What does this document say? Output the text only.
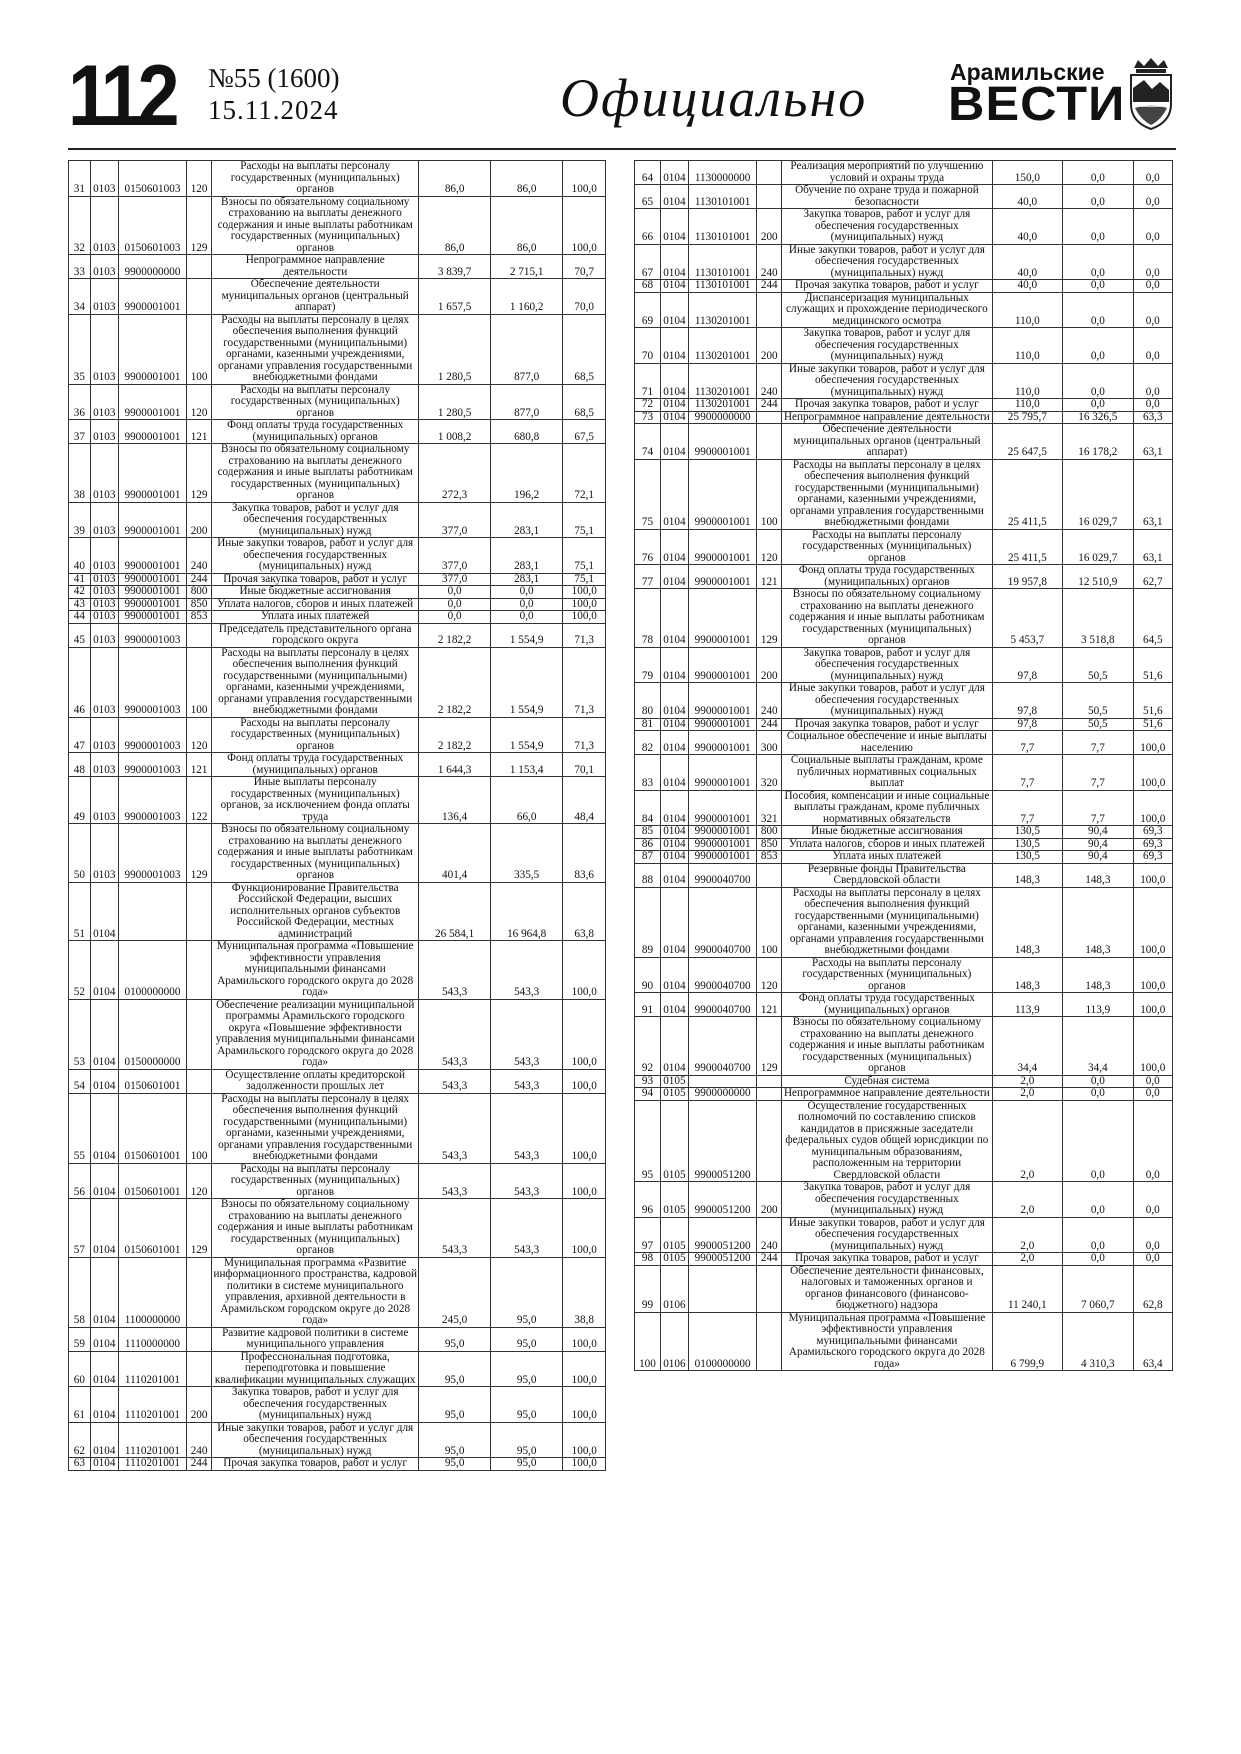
112 №55 (1600)
15.11.2024	Официально	Арамильские
ВЕСТИ
31	0103	0150601003	120	Расходы на выплаты персоналу государственных (муниципальных) органов	86,0	86,0	100,0
32	0103	0150601003	129	Взносы по обязательному социальному страхованию на выплаты денежного содержания и иные выплаты работникам государственных (муниципальных) органов	86,0	86,0	100,0
33	0103	9900000000		Непрограммное направление деятельности	3 839,7	2 715,1	70,7
34	0103	9900001001		Обеспечение деятельности муниципальных органов (центральный аппарат)	1 657,5	1 160,2	70,0
35	0103	9900001001	100	Расходы на выплаты персоналу в целях обеспечения выполнения функций государственными (муниципальными) органами, казенными учреждениями, органами управления государственными внебюджетными фондами	1 280,5	877,0	68,5
36	0103	9900001001	120	Расходы на выплаты персоналу государственных (муниципальных) органов	1 280,5	877,0	68,5
37	0103	9900001001	121	Фонд оплаты труда государственных (муниципальных) органов	1 008,2	680,8	67,5
38	0103	9900001001	129	Взносы по обязательному социальному страхованию на выплаты денежного содержания и иные выплаты работникам государственных (муниципальных) органов	272,3	196,2	72,1
39	0103	9900001001	200	Закупка товаров, работ и услуг для обеспечения государственных (муниципальных) нужд	377,0	283,1	75,1
40	0103	9900001001	240	Иные закупки товаров, работ и услуг для обеспечения государственных (муниципальных) нужд	377,0	283,1	75,1
41	0103	9900001001	244	Прочая закупка товаров, работ и услуг	377,0	283,1	75,1
42	0103	9900001001	800	Иные бюджетные ассигнования	0,0	0,0	100,0
43	0103	9900001001	850	Уплата налогов, сборов и иных платежей	0,0	0,0	100,0
44	0103	9900001001	853	Уплата иных платежей	0,0	0,0	100,0
45	0103	9900001003		Председатель представительного органа городского округа	2 182,2	1 554,9	71,3
46	0103	9900001003	100	Расходы на выплаты персоналу в целях обеспечения выполнения функций государственными (муниципальными) органами, казенными учреждениями, органами управления государственными внебюджетными фондами	2 182,2	1 554,9	71,3
47	0103	9900001003	120	Расходы на выплаты персоналу государственных (муниципальных) органов	2 182,2	1 554,9	71,3
48	0103	9900001003	121	Фонд оплаты труда государственных (муниципальных) органов	1 644,3	1 153,4	70,1
49	0103	9900001003	122	Иные выплаты персоналу государственных (муниципальных) органов, за исключением фонда оплаты труда	136,4	66,0	48,4
50	0103	9900001003	129	Взносы по обязательному социальному страхованию на выплаты денежного содержания и иные выплаты работникам государственных (муниципальных) органов	401,4	335,5	83,6
51	0104			Функционирование Правительства Российской Федерации, высших исполнительных органов субъектов Российской Федерации, местных администраций	26 584,1	16 964,8	63,8
52	0104	0100000000		Муниципальная программа «Повышение эффективности управления муниципальными финансами Арамильского городского округа до 2028 года»	543,3	543,3	100,0
53	0104	0150000000		Обеспечение реализации муниципальной программы Арамильского городского округа «Повышение эффективности управления муниципальными финансами Арамильского городского округа до 2028 года»	543,3	543,3	100,0
54	0104	0150601001		Осуществление оплаты кредиторской задолженности прошлых лет	543,3	543,3	100,0
55	0104	0150601001	100	Расходы на выплаты персоналу в целях обеспечения выполнения функций государственными (муниципальными) органами, казенными учреждениями, органами управления государственными внебюджетными фондами	543,3	543,3	100,0
56	0104	0150601001	120	Расходы на выплаты персоналу государственных (муниципальных) органов	543,3	543,3	100,0
57	0104	0150601001	129	Взносы по обязательному социальному страхованию на выплаты денежного содержания и иные выплаты работникам государственных (муниципальных) органов	543,3	543,3	100,0
58	0104	1100000000		Муниципальная программа «Развитие информационного пространства, кадровой политики в системе муниципального управления, архивной деятельности в Арамильском городском округе до 2028 года»	245,0	95,0	38,8
59	0104	1110000000		Развитие кадровой политики в системе муниципального управления	95,0	95,0	100,0
60	0104	1110201001		Профессиональная подготовка, переподготовка и повышение квалификации муниципальных служащих	95,0	95,0	100,0
61	0104	1110201001	200	Закупка товаров, работ и услуг для обеспечения государственных (муниципальных) нужд	95,0	95,0	100,0
62	0104	1110201001	240	Иные закупки товаров, работ и услуг для обеспечения государственных (муниципальных) нужд	95,0	95,0	100,0
63	0104	1110201001	244	Прочая закупка товаров, работ и услуг	95,0	95,0	100,0
64	0104	1130000000		Реализация мероприятий по улучшению условий и охраны труда	150,0	0,0	0,0
65	0104	1130101001		Обучение по охране труда и пожарной безопасности	40,0	0,0	0,0
66	0104	1130101001	200	Закупка товаров, работ и услуг для обеспечения государственных (муниципальных) нужд	40,0	0,0	0,0
67	0104	1130101001	240	Иные закупки товаров, работ и услуг для обеспечения государственных (муниципальных) нужд	40,0	0,0	0,0
68	0104	1130101001	244	Прочая закупка товаров, работ и услуг	40,0	0,0	0,0
69	0104	1130201001		Диспансеризация муниципальных служащих и прохождение периодического медицинского осмотра	110,0	0,0	0,0
70	0104	1130201001	200	Закупка товаров, работ и услуг для обеспечения государственных (муниципальных) нужд	110,0	0,0	0,0
71	0104	1130201001	240	Иные закупки товаров, работ и услуг для обеспечения государственных (муниципальных) нужд	110,0	0,0	0,0
72	0104	1130201001	244	Прочая закупка товаров, работ и услуг	110,0	0,0	0,0
73	0104	9900000000		Непрограммное направление деятельности	25 795,7	16 326,5	63,3
74	0104	9900001001		Обеспечение деятельности муниципальных органов (центральный аппарат)	25 647,5	16 178,2	63,1
75	0104	9900001001	100	Расходы на выплаты персоналу в целях обеспечения выполнения функций государственными (муниципальными) органами, казенными учреждениями, органами управления государственными внебюджетными фондами	25 411,5	16 029,7	63,1
76	0104	9900001001	120	Расходы на выплаты персоналу государственных (муниципальных) органов	25 411,5	16 029,7	63,1
77	0104	9900001001	121	Фонд оплаты труда государственных (муниципальных) органов	19 957,8	12 510,9	62,7
78	0104	9900001001	129	Взносы по обязательному социальному страхованию на выплаты денежного содержания и иные выплаты работникам государственных (муниципальных) органов	5 453,7	3 518,8	64,5
79	0104	9900001001	200	Закупка товаров, работ и услуг для обеспечения государственных (муниципальных) нужд	97,8	50,5	51,6
80	0104	9900001001	240	Иные закупки товаров, работ и услуг для обеспечения государственных (муниципальных) нужд	97,8	50,5	51,6
81	0104	9900001001	244	Прочая закупка товаров, работ и услуг	97,8	50,5	51,6
82	0104	9900001001	300	Социальное обеспечение и иные выплаты населению	7,7	7,7	100,0
83	0104	9900001001	320	Социальные выплаты гражданам, кроме публичных нормативных социальных выплат	7,7	7,7	100,0
84	0104	9900001001	321	Пособия, компенсации и иные социальные выплаты гражданам, кроме публичных нормативных обязательств	7,7	7,7	100,0
85	0104	9900001001	800	Иные бюджетные ассигнования	130,5	90,4	69,3
86	0104	9900001001	850	Уплата налогов, сборов и иных платежей	130,5	90,4	69,3
87	0104	9900001001	853	Уплата иных платежей	130,5	90,4	69,3
88	0104	9900040700		Резервные фонды Правительства Свердловской области	148,3	148,3	100,0
89	0104	9900040700	100	Расходы на выплаты персоналу в целях обеспечения выполнения функций государственными (муниципальными) органами, казенными учреждениями, органами управления государственными внебюджетными фондами	148,3	148,3	100,0
90	0104	9900040700	120	Расходы на выплаты персоналу государственных (муниципальных) органов	148,3	148,3	100,0
91	0104	9900040700	121	Фонд оплаты труда государственных (муниципальных) органов	113,9	113,9	100,0
92	0104	9900040700	129	Взносы по обязательному социальному страхованию на выплаты денежного содержания и иные выплаты работникам государственных (муниципальных) органов	34,4	34,4	100,0
93	0105			Судебная система	2,0	0,0	0,0
94	0105	9900000000		Непрограммное направление деятельности	2,0	0,0	0,0
95	0105	9900051200		Осуществление государственных полномочий по составлению списков кандидатов в присяжные заседатели федеральных судов общей юрисдикции по муниципальным образованиям, расположенным на территории Свердловской области	2,0	0,0	0,0
96	0105	9900051200	200	Закупка товаров, работ и услуг для обеспечения государственных (муниципальных) нужд	2,0	0,0	0,0
97	0105	9900051200	240	Иные закупки товаров, работ и услуг для обеспечения государственных (муниципальных) нужд	2,0	0,0	0,0
98	0105	9900051200	244	Прочая закупка товаров, работ и услуг	2,0	0,0	0,0
99	0106			Обеспечение деятельности финансовых, налоговых и таможенных органов и органов финансового (финансово-бюджетного) надзора	11 240,1	7 060,7	62,8
100	0106	0100000000		Муниципальная программа «Повышение эффективности управления муниципальными финансами Арамильского городского округа до 2028 года»	6 799,9	4 310,3	63,4
